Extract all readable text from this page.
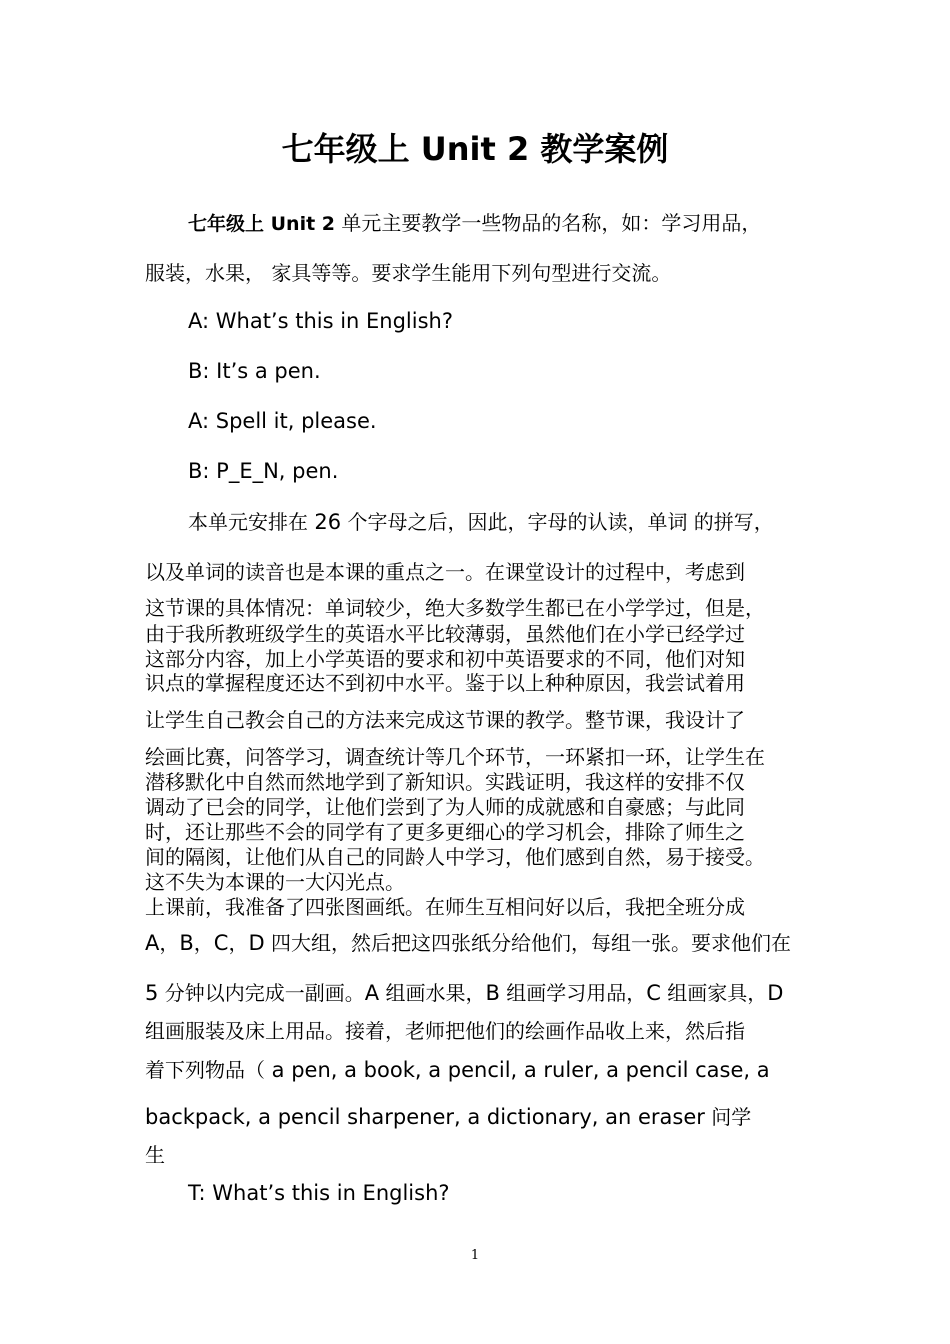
七年级上 Unit 2 教学案例
七年级上 Unit 2 单元主要教学一些物品的名称，如：学习用品，
服装，水果， 家具等等。要求学生能用下列句型进行交流。
A: What’s this in English?
B: It’s a pen.
A: Spell it, please.
B: P_E_N, pen.
本单元安排在 26 个字母之后，因此，字母的认读，单词 的拼写，
以及单词的读音也是本课的重点之一。在课堂设计的过程中，考虑到
这节课的具体情况：单词较少，绝大多数学生都已在小学学过，但是，
由于我所教班级学生的英语水平比较薄弱，虽然他们在小学已经学过
这部分内容，加上小学英语的要求和初中英语要求的不同，他们对知
识点的掌握程度还达不到初中水平。鉴于以上种种原因，我尝试着用
让学生自己教会自己的方法来完成这节课的教学。整节课，我设计了
绘画比赛，问答学习，调查统计等几个环节，一环紧扣一环，让学生在
潜移默化中自然而然地学到了新知识。实践证明，我这样的安排不仅
调动了已会的同学，让他们尝到了为人师的成就感和自豪感；与此同
时，还让那些不会的同学有了更多更细心的学习机会，排除了师生之
间的隔阂，让他们从自己的同龄人中学习，他们感到自然，易于接受。
这不失为本课的一大闪光点。
上课前，我准备了四张图画纸。在师生互相问好以后，我把全班分成
A，B，C，D 四大组，然后把这四张纸分给他们，每组一张。要求他们在
5 分钟以内完成一副画。A 组画水果，B 组画学习用品，C 组画家具，D
组画服装及床上用品。接着，老师把他们的绘画作品收上来，然后指
着下列物品（ a pen, a book, a pencil, a ruler, a pencil case, a
backpack, a pencil sharpener, a dictionary, an eraser 问学
生
T: What’s this in English?
1
